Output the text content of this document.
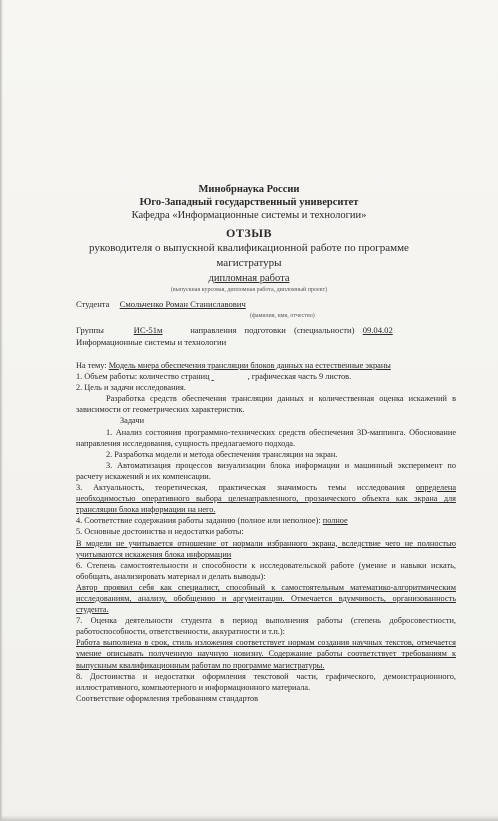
Минобрнаука России
Юго-Западный государственный университет
Кафедра «Информационные системы и технологии»
ОТЗЫВ
руководителя о выпускной квалификационной работе по программе
магистратуры
дипломная работа
(выпускная курсовая, дипломная работа, дипломный проект)
Студента Смольченко Роман Станиславович
(фамилия, имя, отчество)
Группы	ИС-51м	направления подготовки (специальности) 09.04.02
Информационные системы и технологии

На тему: Модель мнера обеспечения трансляции блоков данных на естественные экраны

1. Объем работы: количество страниц	, графическая часть 9 листов.

2. Цель и задачи исследования.

Разработка средств обеспечения трансляции данных и количественная оценка искажений в зависимости от геометрических характеристик.

Задачи

1. Анализ состояния программно-технических средств обеспечения 3D-маппинга. Обоснование направления исследования, сущность предлагаемого подхода.

2. Разработка модели и метода обеспечения трансляции на экран.

3. Автоматизация процессов визуализации блока информации и машинный эксперимент по расчету искажений и их компенсации.

3. Актуальность, теоретическая, практическая значимость темы исследования определена необходимостью оперативного выбора целенаправленного, прозаического объекта как экрана для трансляции блока информации на него.

4. Соответствие содержания работы заданию (полное или неполное): полное

5. Основные достоинства и недостатки работы:

В модели не учитывается отношение от нормали избранного экрана, вследствие чего не полностью учитываются искажения блока информации

6. Степень самостоятельности и способности к исследовательской работе (умение и навыки искать, обобщать, анализировать материал и делать выводы):

Автор проявил себя как специалист, способный к самостоятельным математико-алгоритмическим исследованиям, анализу, обобщению и аргументации. Отмечается вдумчивость, организованность студента.

7. Оценка деятельности студента в период выполнения работы (степень добросовестности, работоспособности, ответственности, аккуратности и т.п.):

Работа выполнена в срок, стиль изложения соответствует нормам создания научных текстов, отмечается умение описывать полученную научную новизну. Содержание работы соответствует требованиям к выпускным квалификационным работам по программе магистратуры.

8. Достоинства и недостатки оформления текстовой части, графического, демонстрационного, иллюстративного, компьютерного и информационного материала.

Соответствие оформления требованиям стандартов
